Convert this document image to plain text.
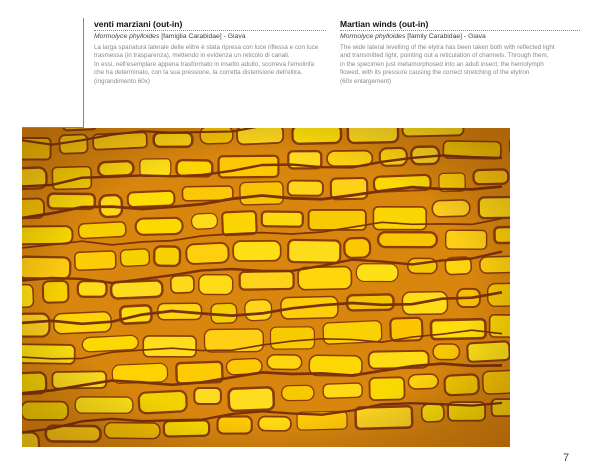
venti marziani (out-in)

Mormolyce phylloides [famiglia Carabidae] - Giava

La larga spanatura laterale delle elitre è stata ripresa con luce riflessa e con luce
trasmessa (in trasparenza), mettendo in evidenza un reticolo di canali.
In essi, nell'esemplare appena trasformato in insetto adulto, scorreva l'emolinfa
che ha determinato, con la sua pressione, la corretta distensione dell'elitra.
(ingrandimento 60x)

Martian winds (out-in)

Mormolyce phylloides [family Carabidae] - Giava

The wide lateral levelling of the elytra has been taken both with reflected light
and transmitted light, pointing out a reticulation of channels. Through them,
in the specimen just metamorphosed into an adult insect, the hemolymph
flowed, with its pressure causing the correct stretching of the elytron
(60x enlargement)

7
